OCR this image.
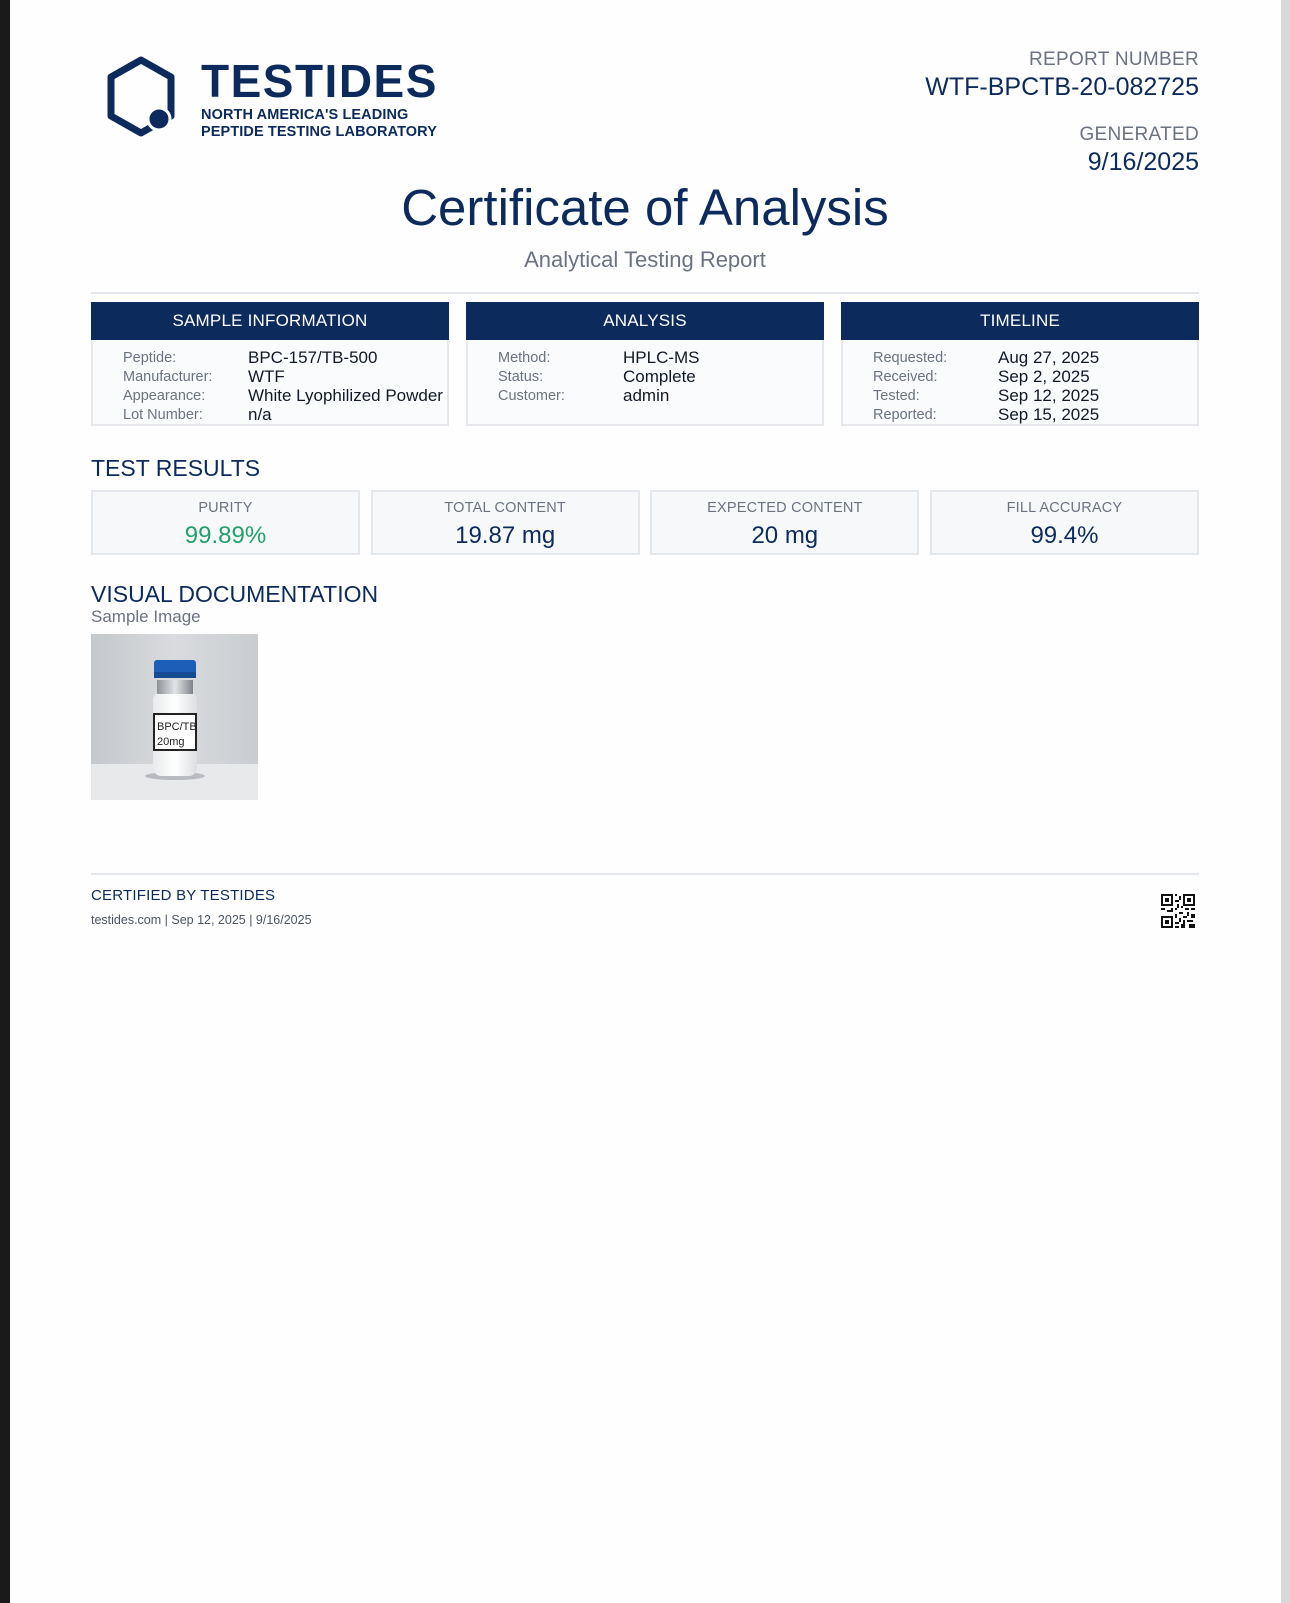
TESTIDES
NORTH AMERICA'S LEADING
PEPTIDE TESTING LABORATORY
REPORT NUMBER
WTF-BPCTB-20-082725
GENERATED
9/16/2025
Certificate of Analysis
Analytical Testing Report
SAMPLE INFORMATION
Peptide:	BPC-157/TB-500
Manufacturer:	WTF
Appearance:	White Lyophilized Powder
Lot Number:	n/a
ANALYSIS
Method:	HPLC-MS
Status:	Complete
Customer:	admin
TIMELINE
Requested:	Aug 27, 2025
Received:	Sep 2, 2025
Tested:	Sep 12, 2025
Reported:	Sep 15, 2025
TEST RESULTS
PURITY
99.89%
TOTAL CONTENT
19.87 mg
EXPECTED CONTENT
20 mg
FILL ACCURACY
99.4%
VISUAL DOCUMENTATION
Sample Image
BPC/TB
20mg
CERTIFIED BY TESTIDES
testides.com | Sep 12, 2025 | 9/16/2025
